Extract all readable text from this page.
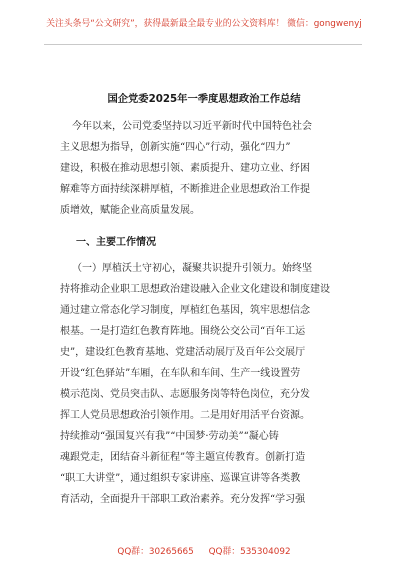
关注头条号“公文研究”，获得最新最全最专业的公文资料库！ 微信：gongwenyj
国企党委2025年一季度思想政治工作总结
今年以来，公司党委坚持以习近平新时代中国特色社会
主义思想为指导，创新实施“四心”行动，强化“四力”
建设，积极在推动思想引领、素质提升、建功立业、纾困
解难等方面持续深耕厚植，不断推进企业思想政治工作提
质增效，赋能企业高质量发展。
一、主要工作情况
（一）厚植沃土守初心，凝聚共识提升引领力。始终坚
持将推动企业职工思想政治建设融入企业文化建设和制度建设
通过建立常态化学习制度，厚植红色基因，筑牢思想信念
根基。一是打造红色教育阵地。围绕公交公司“百年工运
史”，建设红色教育基地、党建活动展厅及百年公交展厅
开设“红色驿站”车厢，在车队和车间、生产一线设置劳
模示范岗、党员突击队、志愿服务岗等特色岗位，充分发
挥工人党员思想政治引领作用。二是用好用活平台资源。
持续推动“强国复兴有我”“中国梦·劳动美”“凝心铸
魂跟党走，团结奋斗新征程”等主题宣传教育。创新打造
“职工大讲堂”，通过组织专家讲座、巡课宣讲等各类教
育活动，全面提升干部职工政治素养。充分发挥“学习强
QQ群：30265665 QQ群：535304092
